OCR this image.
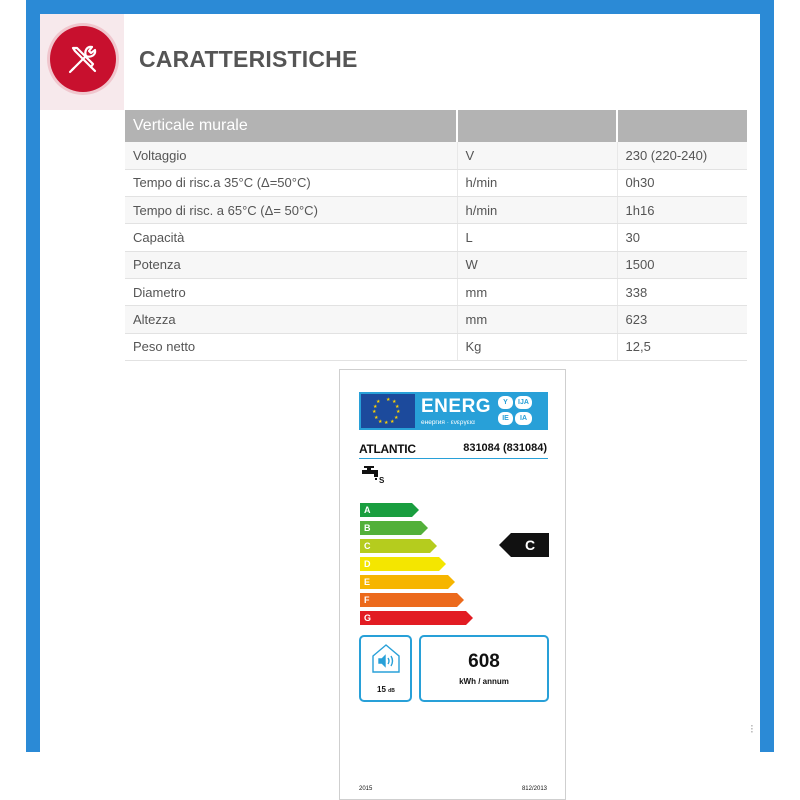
CARATTERISTICHE
Verticale murale		
Voltaggio	V	230 (220-240)
Tempo di risc.a 35°C (Δ=50°C)	h/min	0h30
Tempo di risc. a 65°C (Δ= 50°C)	h/min	1h16
Capacità	L	30
Potenza	W	1500
Diametro	mm	338
Altezza	mm	623
Peso netto	Kg	12,5
★ ★
★
★
★
★
★
★
★
★
★
★ ENERG
енергия · ενεργεια
Y	IJA
IE	IA
ATLANTIC	831084 (831084)
S
A
B
C
D
E
F
G
C
15 dB
608
kWh / annum
2015	812/2013
⁝
